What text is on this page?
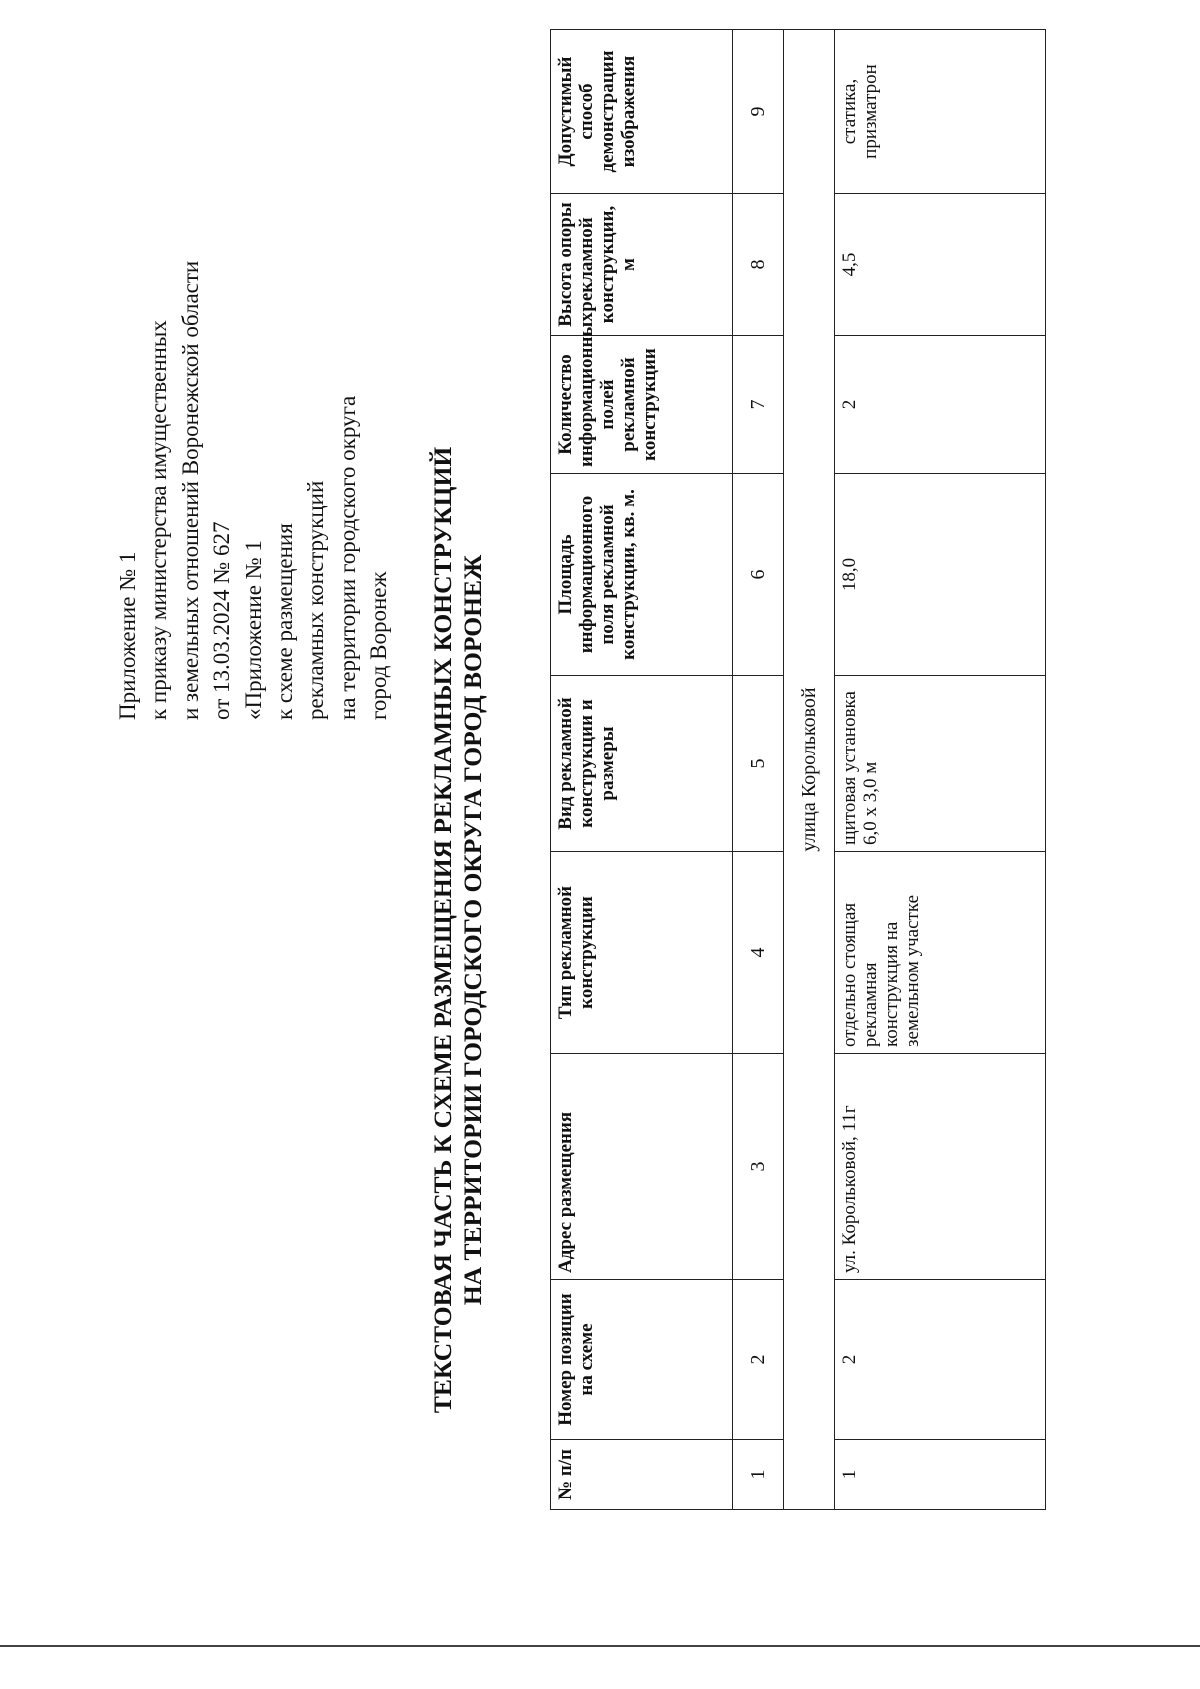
Приложение № 1 к приказу министерства имущественных и земельных отношений Воронежской области от 13.03.2024 № 627 «Приложение № 1 к схеме размещения рекламных конструкций на территории городского округа город Воронеж ТЕКСТОВАЯ ЧАСТЬ К СХЕМЕ РАЗМЕЩЕНИЯ РЕКЛАМНЫХ КОНСТРУКЦИЙ НА ТЕРРИТОРИИ ГОРОДСКОГО ОКРУГА ГОРОД ВОРОНЕЖ
№ п/п	Номер позиции на схеме	Адрес размещения	Тип рекламной конструкции	Вид рекламной конструкции и размеры	Площадь информационного поля рекламной конструкции, кв. м.	Количество информационных полей рекламной конструкции	Высота опоры рекламной конструкции, м	Допустимый способ демонстрации изображения
1	2	3	4	5	6	7	8	9
улица Корольковой								
1	2	ул. Корольковой, 11г	отдельно стоящая рекламная конструкция на земельном участке	щитовая установка 6,0 х 3,0 м	18,0	2	4,5	статика, призматрон
